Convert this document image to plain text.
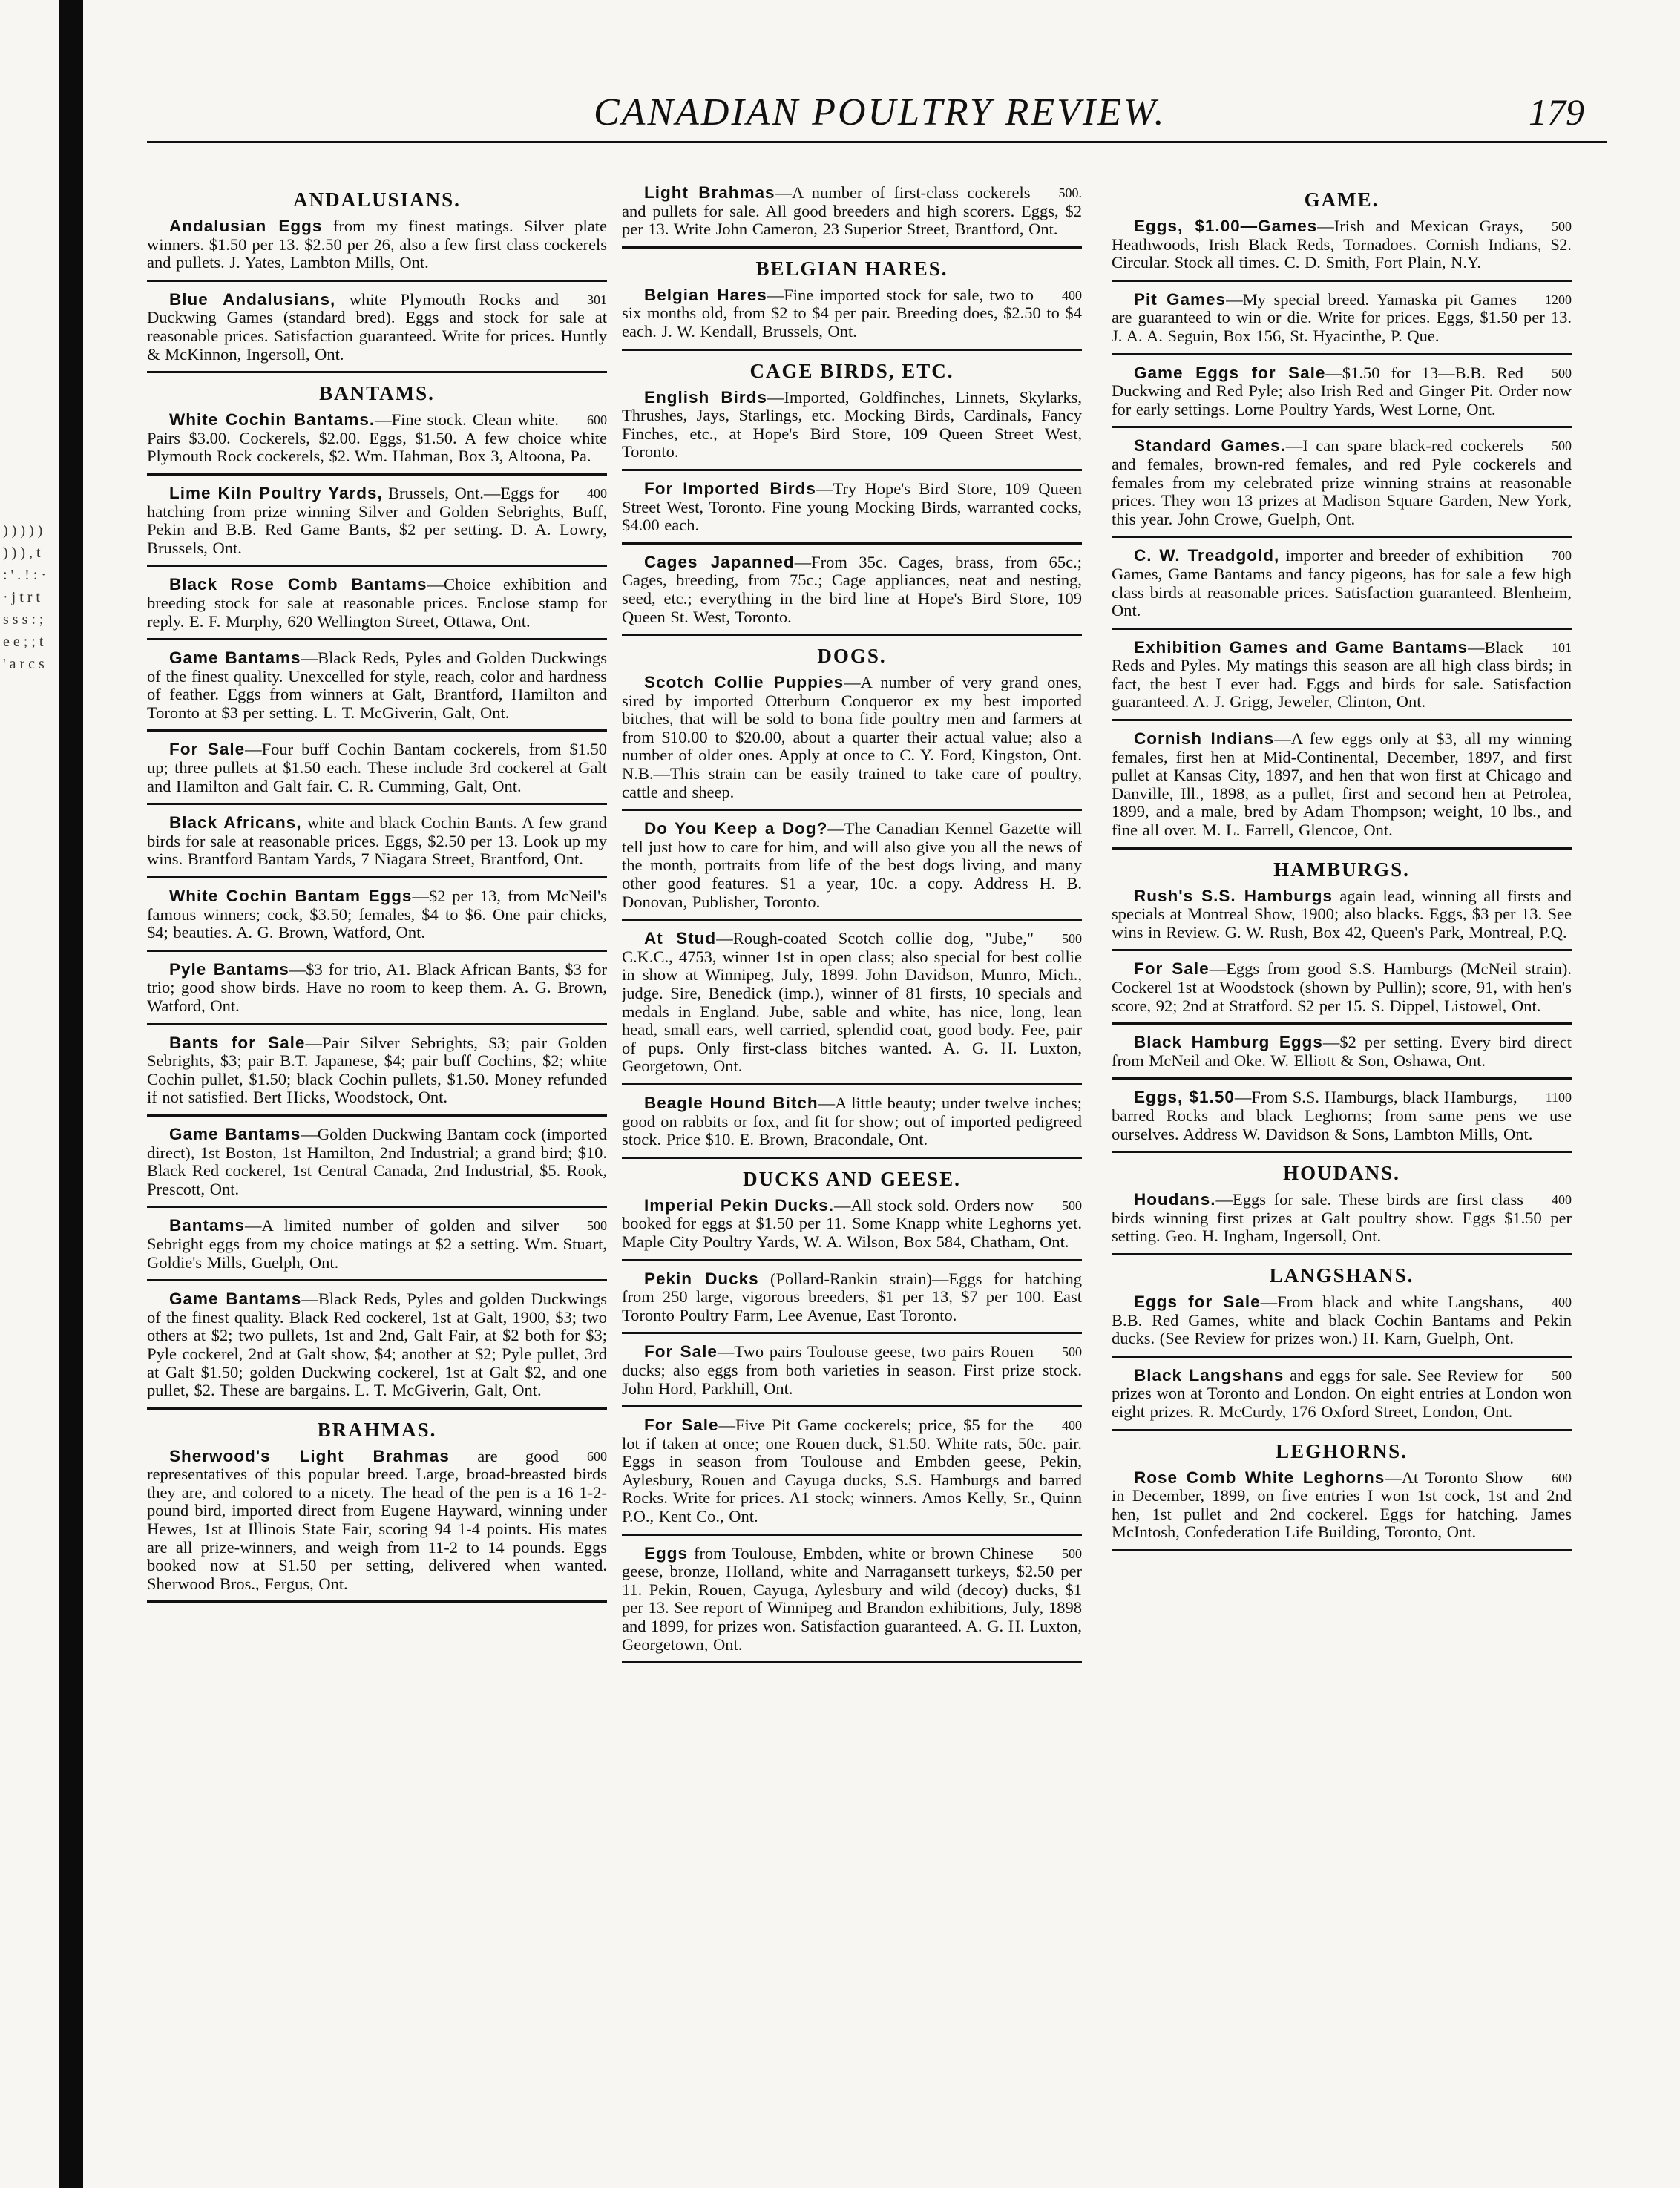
) ) ) ) ) ) ) ) , t : ' . ! : · · j t r t s s s : ; e e ; ; t ' a r c s
CANADIAN POULTRY REVIEW.	179
ANDALUSIANS.
Andalusian Eggs from my finest matings. Silver plate winners. $1.50 per 13. $2.50 per 26, also a few first class cockerels and pullets. J. Yates, Lambton Mills, Ont.
301
Blue Andalusians, white Plymouth Rocks and Duckwing Games (standard bred). Eggs and stock for sale at reasonable prices. Satisfaction guaranteed. Write for prices. Huntly & McKinnon, Ingersoll, Ont.
BANTAMS.
600
White Cochin Bantams.—Fine stock. Clean white. Pairs $3.00. Cockerels, $2.00. Eggs, $1.50. A few choice white Plymouth Rock cockerels, $2. Wm. Hahman, Box 3, Altoona, Pa.
400
Lime Kiln Poultry Yards, Brussels, Ont.—Eggs for hatching from prize winning Silver and Golden Sebrights, Buff, Pekin and B.B. Red Game Bants, $2 per setting. D. A. Lowry, Brussels, Ont.
Black Rose Comb Bantams—Choice exhibition and breeding stock for sale at reasonable prices. Enclose stamp for reply. E. F. Murphy, 620 Wellington Street, Ottawa, Ont.
Game Bantams—Black Reds, Pyles and Golden Duckwings of the finest quality. Unexcelled for style, reach, color and hardness of feather. Eggs from winners at Galt, Brantford, Hamilton and Toronto at $3 per setting. L. T. McGiverin, Galt, Ont.
For Sale—Four buff Cochin Bantam cockerels, from $1.50 up; three pullets at $1.50 each. These include 3rd cockerel at Galt and Hamilton and Galt fair. C. R. Cumming, Galt, Ont.
Black Africans, white and black Cochin Bants. A few grand birds for sale at reasonable prices. Eggs, $2.50 per 13. Look up my wins. Brantford Bantam Yards, 7 Niagara Street, Brantford, Ont.
White Cochin Bantam Eggs—$2 per 13, from McNeil's famous winners; cock, $3.50; females, $4 to $6. One pair chicks, $4; beauties. A. G. Brown, Watford, Ont.
Pyle Bantams—$3 for trio, A1. Black African Bants, $3 for trio; good show birds. Have no room to keep them. A. G. Brown, Watford, Ont.
Bants for Sale—Pair Silver Sebrights, $3; pair Golden Sebrights, $3; pair B.T. Japanese, $4; pair buff Cochins, $2; white Cochin pullet, $1.50; black Cochin pullets, $1.50. Money refunded if not satisfied. Bert Hicks, Woodstock, Ont.
Game Bantams—Golden Duckwing Bantam cock (imported direct), 1st Boston, 1st Hamilton, 2nd Industrial; a grand bird; $10. Black Red cockerel, 1st Central Canada, 2nd Industrial, $5. Rook, Prescott, Ont.
500
Bantams—A limited number of golden and silver Sebright eggs from my choice matings at $2 a setting. Wm. Stuart, Goldie's Mills, Guelph, Ont.
Game Bantams—Black Reds, Pyles and golden Duckwings of the finest quality. Black Red cockerel, 1st at Galt, 1900, $3; two others at $2; two pullets, 1st and 2nd, Galt Fair, at $2 both for $3; Pyle cockerel, 2nd at Galt show, $4; another at $2; Pyle pullet, 3rd at Galt $1.50; golden Duckwing cockerel, 1st at Galt $2, and one pullet, $2. These are bargains. L. T. McGiverin, Galt, Ont.
BRAHMAS.
600
Sherwood's Light Brahmas are good representatives of this popular breed. Large, broad-breasted birds they are, and colored to a nicety. The head of the pen is a 16 1-2-pound bird, imported direct from Eugene Hayward, winning under Hewes, 1st at Illinois State Fair, scoring 94 1-4 points. His mates are all prize-winners, and weigh from 11-2 to 14 pounds. Eggs booked now at $1.50 per setting, delivered when wanted. Sherwood Bros., Fergus, Ont.
500.
Light Brahmas—A number of first-class cockerels and pullets for sale. All good breeders and high scorers. Eggs, $2 per 13. Write John Cameron, 23 Superior Street, Brantford, Ont.
BELGIAN HARES.
400
Belgian Hares—Fine imported stock for sale, two to six months old, from $2 to $4 per pair. Breeding does, $2.50 to $4 each. J. W. Kendall, Brussels, Ont.
CAGE BIRDS, ETC.
English Birds—Imported, Goldfinches, Linnets, Skylarks, Thrushes, Jays, Starlings, etc. Mocking Birds, Cardinals, Fancy Finches, etc., at Hope's Bird Store, 109 Queen Street West, Toronto.
For Imported Birds—Try Hope's Bird Store, 109 Queen Street West, Toronto. Fine young Mocking Birds, warranted cocks, $4.00 each.
Cages Japanned—From 35c. Cages, brass, from 65c.; Cages, breeding, from 75c.; Cage appliances, neat and nesting, seed, etc.; everything in the bird line at Hope's Bird Store, 109 Queen St. West, Toronto.
DOGS.
Scotch Collie Puppies—A number of very grand ones, sired by imported Otterburn Conqueror ex my best imported bitches, that will be sold to bona fide poultry men and farmers at from $10.00 to $20.00, about a quarter their actual value; also a number of older ones. Apply at once to C. Y. Ford, Kingston, Ont. N.B.—This strain can be easily trained to take care of poultry, cattle and sheep.
Do You Keep a Dog?—The Canadian Kennel Gazette will tell just how to care for him, and will also give you all the news of the month, portraits from life of the best dogs living, and many other good features. $1 a year, 10c. a copy. Address H. B. Donovan, Publisher, Toronto.
500
At Stud—Rough-coated Scotch collie dog, "Jube," C.K.C., 4753, winner 1st in open class; also special for best collie in show at Winnipeg, July, 1899. John Davidson, Munro, Mich., judge. Sire, Benedick (imp.), winner of 81 firsts, 10 specials and medals in England. Jube, sable and white, has nice, long, lean head, small ears, well carried, splendid coat, good body. Fee, pair of pups. Only first-class bitches wanted. A. G. H. Luxton, Georgetown, Ont.
Beagle Hound Bitch—A little beauty; under twelve inches; good on rabbits or fox, and fit for show; out of imported pedigreed stock. Price $10. E. Brown, Bracondale, Ont.
DUCKS AND GEESE.
500
Imperial Pekin Ducks.—All stock sold. Orders now booked for eggs at $1.50 per 11. Some Knapp white Leghorns yet. Maple City Poultry Yards, W. A. Wilson, Box 584, Chatham, Ont.
Pekin Ducks (Pollard-Rankin strain)—Eggs for hatching from 250 large, vigorous breeders, $1 per 13, $7 per 100. East Toronto Poultry Farm, Lee Avenue, East Toronto.
500
For Sale—Two pairs Toulouse geese, two pairs Rouen ducks; also eggs from both varieties in season. First prize stock. John Hord, Parkhill, Ont.
400
For Sale—Five Pit Game cockerels; price, $5 for the lot if taken at once; one Rouen duck, $1.50. White rats, 50c. pair. Eggs in season from Toulouse and Embden geese, Pekin, Aylesbury, Rouen and Cayuga ducks, S.S. Hamburgs and barred Rocks. Write for prices. A1 stock; winners. Amos Kelly, Sr., Quinn P.O., Kent Co., Ont.
500
Eggs from Toulouse, Embden, white or brown Chinese geese, bronze, Holland, white and Narragansett turkeys, $2.50 per 11. Pekin, Rouen, Cayuga, Aylesbury and wild (decoy) ducks, $1 per 13. See report of Winnipeg and Brandon exhibitions, July, 1898 and 1899, for prizes won. Satisfaction guaranteed. A. G. H. Luxton, Georgetown, Ont.
GAME.
500
Eggs, $1.00—Games—Irish and Mexican Grays, Heathwoods, Irish Black Reds, Tornadoes. Cornish Indians, $2. Circular. Stock all times. C. D. Smith, Fort Plain, N.Y.
1200
Pit Games—My special breed. Yamaska pit Games are guaranteed to win or die. Write for prices. Eggs, $1.50 per 13. J. A. A. Seguin, Box 156, St. Hyacinthe, P. Que.
500
Game Eggs for Sale—$1.50 for 13—B.B. Red Duckwing and Red Pyle; also Irish Red and Ginger Pit. Order now for early settings. Lorne Poultry Yards, West Lorne, Ont.
500
Standard Games.—I can spare black-red cockerels and females, brown-red females, and red Pyle cockerels and females from my celebrated prize winning strains at reasonable prices. They won 13 prizes at Madison Square Garden, New York, this year. John Crowe, Guelph, Ont.
700
C. W. Treadgold, importer and breeder of exhibition Games, Game Bantams and fancy pigeons, has for sale a few high class birds at reasonable prices. Satisfaction guaranteed. Blenheim, Ont.
101
Exhibition Games and Game Bantams—Black Reds and Pyles. My matings this season are all high class birds; in fact, the best I ever had. Eggs and birds for sale. Satisfaction guaranteed. A. J. Grigg, Jeweler, Clinton, Ont.
Cornish Indians—A few eggs only at $3, all my winning females, first hen at Mid-Continental, December, 1897, and first pullet at Kansas City, 1897, and hen that won first at Chicago and Danville, Ill., 1898, as a pullet, first and second hen at Petrolea, 1899, and a male, bred by Adam Thompson; weight, 10 lbs., and fine all over. M. L. Farrell, Glencoe, Ont.
HAMBURGS.
Rush's S.S. Hamburgs again lead, winning all firsts and specials at Montreal Show, 1900; also blacks. Eggs, $3 per 13. See wins in Review. G. W. Rush, Box 42, Queen's Park, Montreal, P.Q.
For Sale—Eggs from good S.S. Hamburgs (McNeil strain). Cockerel 1st at Woodstock (shown by Pullin); score, 91, with hen's score, 92; 2nd at Stratford. $2 per 15. S. Dippel, Listowel, Ont.
Black Hamburg Eggs—$2 per setting. Every bird direct from McNeil and Oke. W. Elliott & Son, Oshawa, Ont.
1100
Eggs, $1.50—From S.S. Hamburgs, black Hamburgs, barred Rocks and black Leghorns; from same pens we use ourselves. Address W. Davidson & Sons, Lambton Mills, Ont.
HOUDANS.
400
Houdans.—Eggs for sale. These birds are first class birds winning first prizes at Galt poultry show. Eggs $1.50 per setting. Geo. H. Ingham, Ingersoll, Ont.
LANGSHANS.
400
Eggs for Sale—From black and white Langshans, B.B. Red Games, white and black Cochin Bantams and Pekin ducks. (See Review for prizes won.) H. Karn, Guelph, Ont.
500
Black Langshans and eggs for sale. See Review for prizes won at Toronto and London. On eight entries at London won eight prizes. R. McCurdy, 176 Oxford Street, London, Ont.
LEGHORNS.
600
Rose Comb White Leghorns—At Toronto Show in December, 1899, on five entries I won 1st cock, 1st and 2nd hen, 1st pullet and 2nd cockerel. Eggs for hatching. James McIntosh, Confederation Life Building, Toronto, Ont.
